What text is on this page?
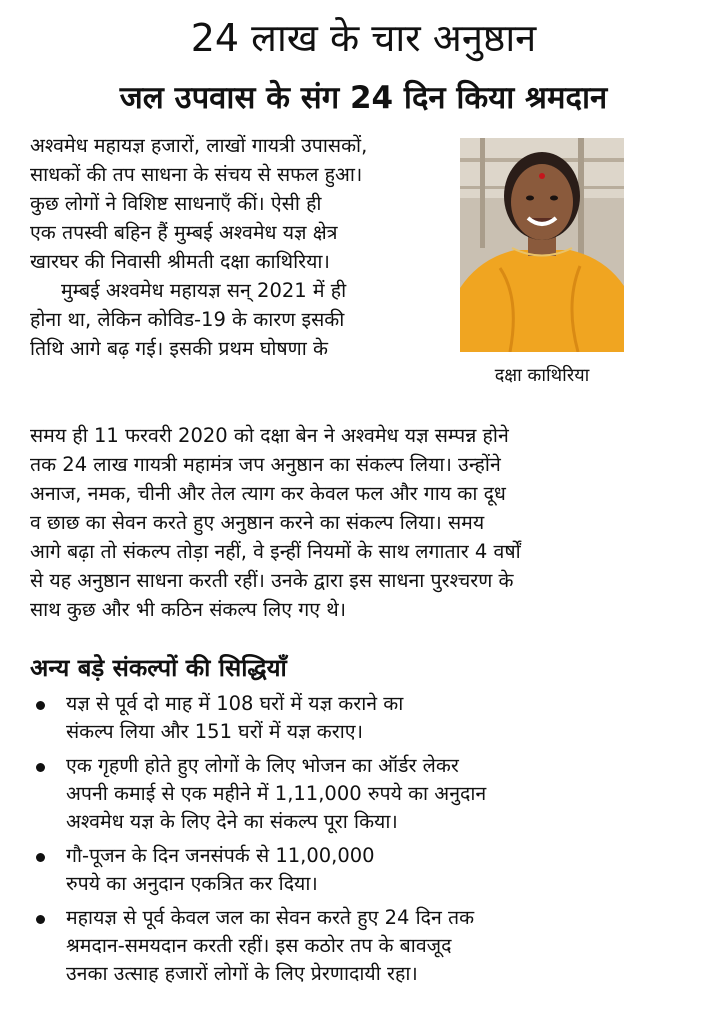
24 लाख के चार अनुष्ठान
जल उपवास के संग 24 दिन किया श्रमदान
अश्वमेध महायज्ञ हजारों, लाखों गायत्री उपासकों,
साधकों की तप साधना के संचय से सफल हुआ।
कुछ लोगों ने विशिष्ट साधनाएँ कीं। ऐसी ही
एक तपस्वी बहिन हैं मुम्बई अश्वमेध यज्ञ क्षेत्र
खारघर की निवासी श्रीमती दक्षा काथिरिया।
मुम्बई अश्वमेध महायज्ञ सन् 2021 में ही
होना था, लेकिन कोविड-19 के कारण इसकी
तिथि आगे बढ़ गई। इसकी प्रथम घोषणा के
दक्षा काथिरिया
समय ही 11 फरवरी 2020 को दक्षा बेन ने अश्वमेध यज्ञ सम्पन्न होने
तक 24 लाख गायत्री महामंत्र जप अनुष्ठान का संकल्प लिया। उन्होंने
अनाज, नमक, चीनी और तेल त्याग कर केवल फल और गाय का दूध
व छाछ का सेवन करते हुए अनुष्ठान करने का संकल्प लिया। समय
आगे बढ़ा तो संकल्प तोड़ा नहीं, वे इन्हीं नियमों के साथ लगातार 4 वर्षों
से यह अनुष्ठान साधना करती रहीं। उनके द्वारा इस साधना पुरश्चरण के
साथ कुछ और भी कठिन संकल्प लिए गए थे।
अन्य बड़े संकल्पों की सिद्धियाँ
यज्ञ से पूर्व दो माह में 108 घरों में यज्ञ कराने का
संकल्प लिया और 151 घरों में यज्ञ कराए।
एक गृहणी होते हुए लोगों के लिए भोजन का ऑर्डर लेकर
अपनी कमाई से एक महीने में 1,11,000 रुपये का अनुदान
अश्वमेध यज्ञ के लिए देने का संकल्प पूरा किया।
गौ-पूजन के दिन जनसंपर्क से 11,00,000
रुपये का अनुदान एकत्रित कर दिया।
महायज्ञ से पूर्व केवल जल का सेवन करते हुए 24 दिन तक
श्रमदान-समयदान करती रहीं। इस कठोर तप के बावजूद
उनका उत्साह हजारों लोगों के लिए प्रेरणादायी रहा।
